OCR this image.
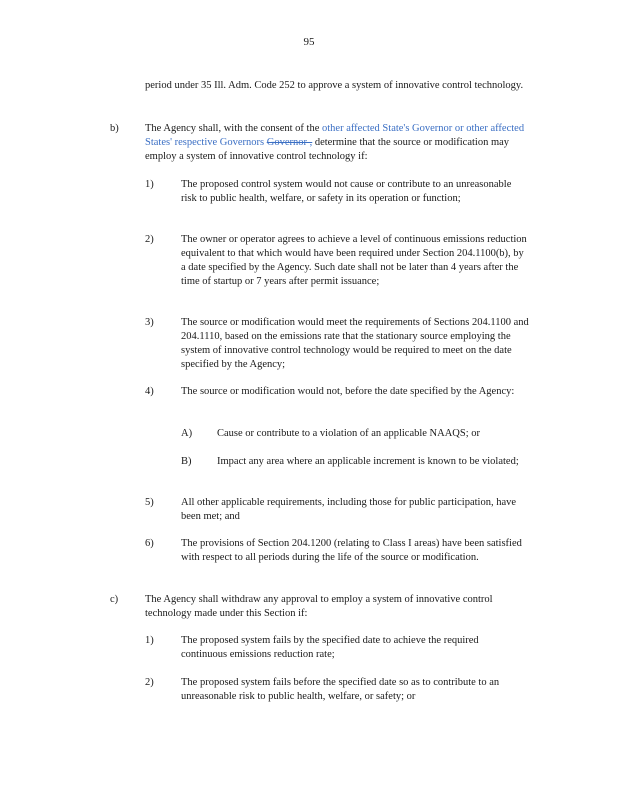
95
period under 35 Ill. Adm. Code 252 to approve a system of innovative control technology.
b)	The Agency shall, with the consent of the other affected State's Governor or other affected States' respective Governors Governor , determine that the source or modification may employ a system of innovative control technology if:
1)	The proposed control system would not cause or contribute to an unreasonable risk to public health, welfare, or safety in its operation or function;
2)	The owner or operator agrees to achieve a level of continuous emissions reduction equivalent to that which would have been required under Section 204.1100(b), by a date specified by the Agency. Such date shall not be later than 4 years after the time of startup or 7 years after permit issuance;
3)	The source or modification would meet the requirements of Sections 204.1100 and 204.1110, based on the emissions rate that the stationary source employing the system of innovative control technology would be required to meet on the date specified by the Agency;
4)	The source or modification would not, before the date specified by the Agency:
A) Cause or contribute to a violation of an applicable NAAQS; or
B) Impact any area where an applicable increment is known to be violated;
5)	All other applicable requirements, including those for public participation, have been met; and
6)	The provisions of Section 204.1200 (relating to Class I areas) have been satisfied with respect to all periods during the life of the source or modification.
c)	The Agency shall withdraw any approval to employ a system of innovative control technology made under this Section if:
1)	The proposed system fails by the specified date to achieve the required continuous emissions reduction rate;
2)	The proposed system fails before the specified date so as to contribute to an unreasonable risk to public health, welfare, or safety; or
